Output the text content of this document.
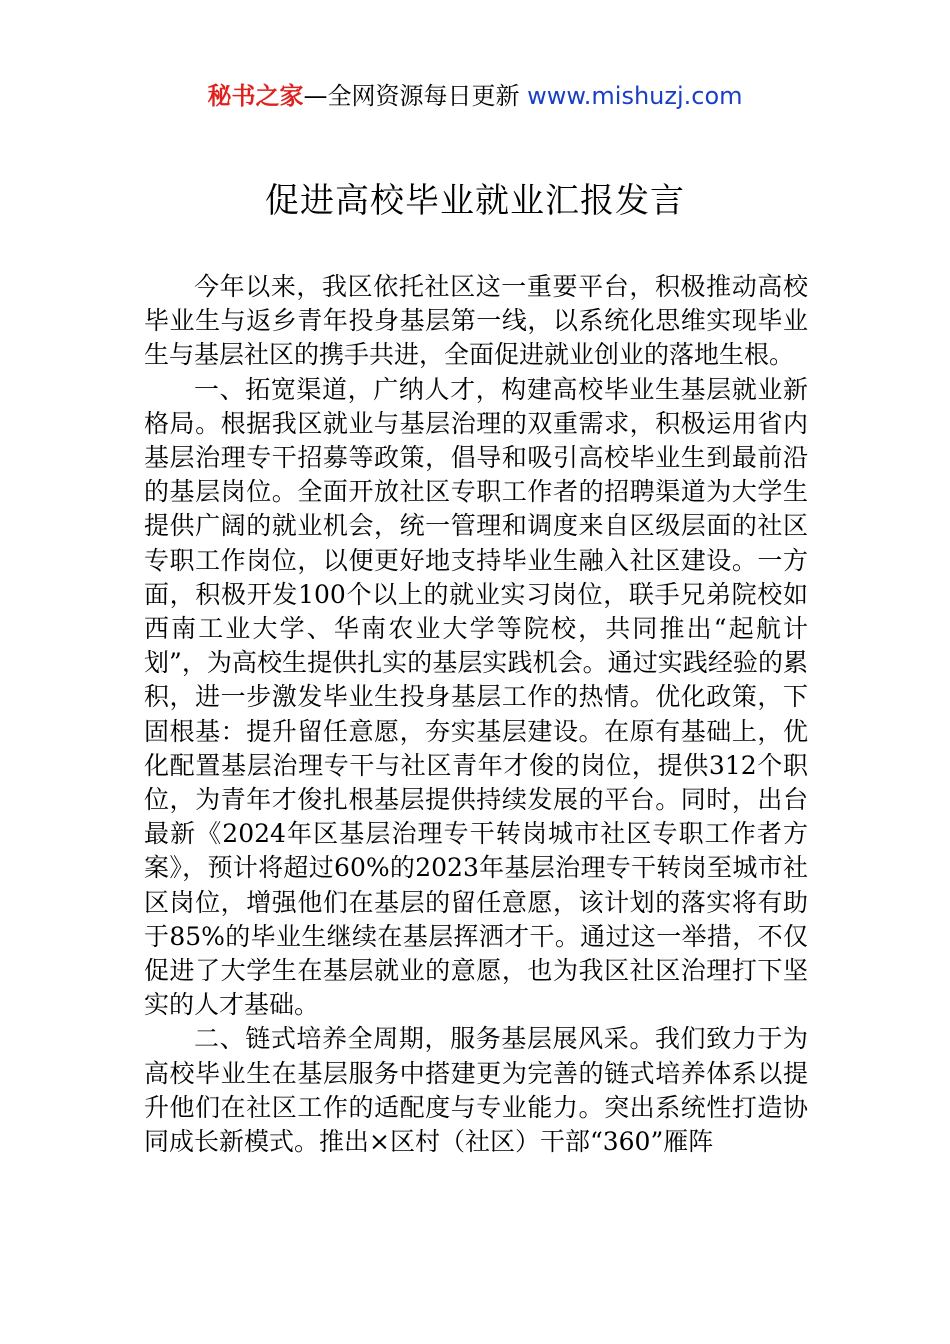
秘书之家—全网资源每日更新 www.mishuzj.com
促进高校毕业就业汇报发言

今年以来，我区依托社区这一重要平台，积极推动高校毕业生与返乡青年投身基层第一线，以系统化思维实现毕业生与基层社区的携手共进，全面促进就业创业的落地生根。

一、拓宽渠道，广纳人才，构建高校毕业生基层就业新格局。根据我区就业与基层治理的双重需求，积极运用省内基层治理专干招募等政策，倡导和吸引高校毕业生到最前沿的基层岗位。全面开放社区专职工作者的招聘渠道为大学生提供广阔的就业机会，统一管理和调度来自区级层面的社区专职工作岗位，以便更好地支持毕业生融入社区建设。一方面，积极开发100个以上的就业实习岗位，联手兄弟院校如西南工业大学、华南农业大学等院校，共同推出“起航计划”，为高校生提供扎实的基层实践机会。通过实践经验的累积，进一步激发毕业生投身基层工作的热情。优化政策，下固根基：提升留任意愿，夯实基层建设。在原有基础上，优化配置基层治理专干与社区青年才俊的岗位，提供312个职位，为青年才俊扎根基层提供持续发展的平台。同时，出台最新《2024年区基层治理专干转岗城市社区专职工作者方案》，预计将超过60%的2023年基层治理专干转岗至城市社区岗位，增强他们在基层的留任意愿，该计划的落实将有助于85%的毕业生继续在基层挥洒才干。通过这一举措，不仅促进了大学生在基层就业的意愿，也为我区社区治理打下坚实的人才基础。

二、链式培养全周期，服务基层展风采。我们致力于为高校毕业生在基层服务中搭建更为完善的链式培养体系以提升他们在社区工作的适配度与专业能力。突出系统性打造协同成长新模式。推出×区村（社区）干部“360”雁阵
